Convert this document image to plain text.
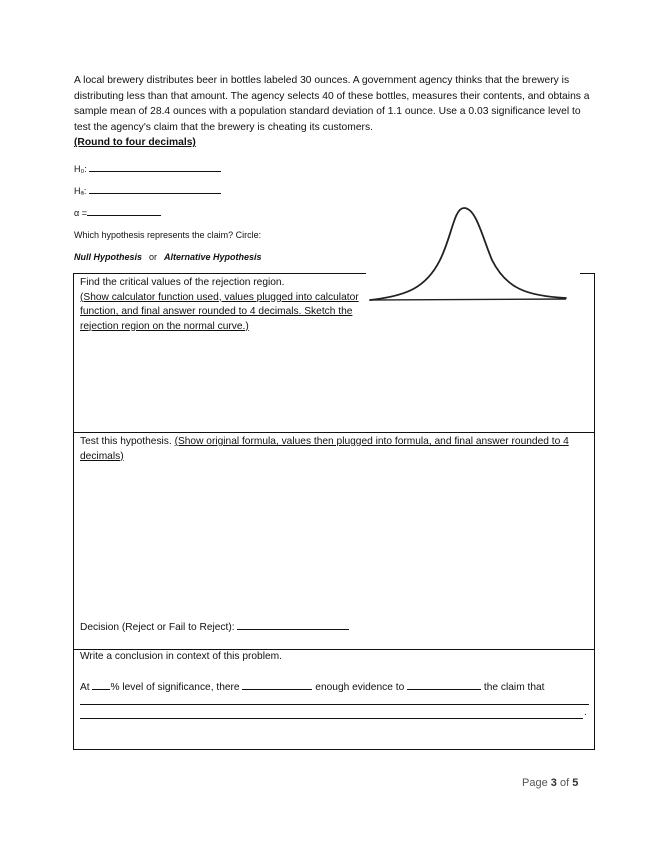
A local brewery distributes beer in bottles labeled 30 ounces. A government agency thinks that the brewery is distributing less than that amount. The agency selects 40 of these bottles, measures their contents, and obtains a sample mean of 28.4 ounces with a population standard deviation of 1.1 ounce. Use a 0.03 significance level to test the agency's claim that the brewery is cheating its customers.
(Round to four decimals)
H₀:
Hₐ:
α =
Which hypothesis represents the claim? Circle:
Null Hypothesis or Alternative Hypothesis
Find the critical values of the rejection region.
(Show calculator function used, values plugged into calculator function, and final answer rounded to 4 decimals. Sketch the rejection region on the normal curve.)
Test this hypothesis. (Show original formula, values then plugged into formula, and final answer rounded to 4 decimals)
Decision (Reject or Fail to Reject):
Write a conclusion in context of this problem.
At % level of significance, there	enough evidence to	the claim that
.
Page 3 of 5
